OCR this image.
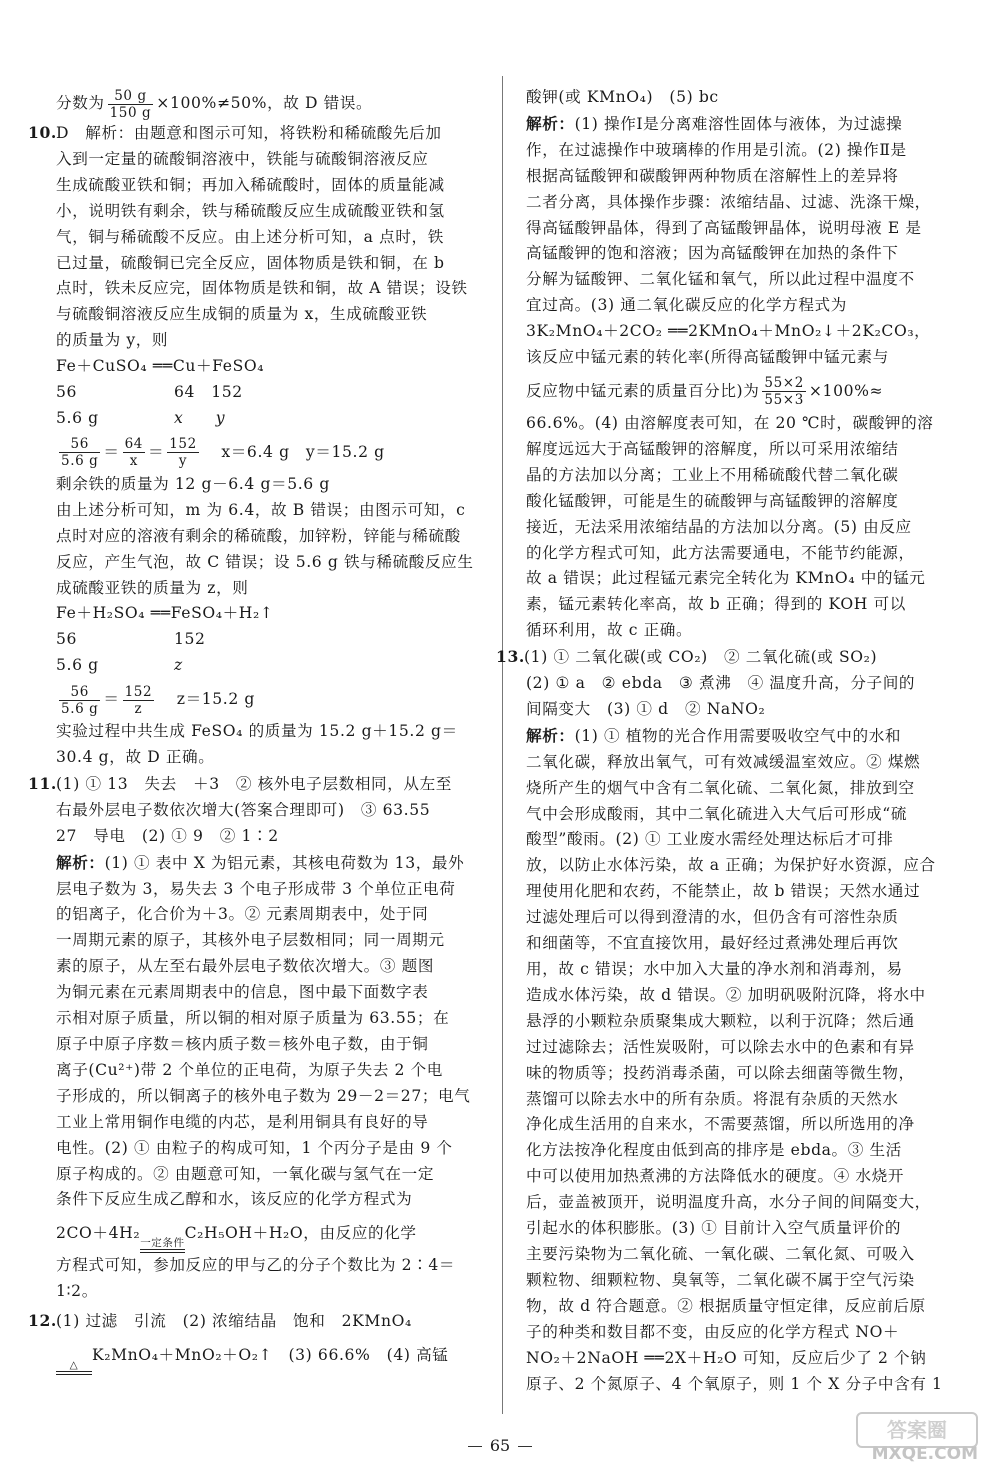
分数为 $\frac{50 g}{150 g} \times 100\%\ne 50\%$，故 D 错误。
10.D　解析：由题意和图示可知，将铁粉和稀硫酸先后加
入到一定量的硫酸铜溶液中，铁能与硫酸铜溶液反应
生成硫酸亚铁和铜；再加入稀硫酸时，固体的质量能减
小，说明铁有剩余，铁与稀硫酸反应生成硫酸亚铁和氢
气，铜与稀硫酸不反应。由上述分析可知，a 点时，铁
已过量，硫酸铜已完全反应，固体物质是铁和铜，在 b
点时，铁未反应完，固体物质是铁和铜，故 A 错误；设铁
与硫酸铜溶液反应生成铜的质量为 x，生成硫酸亚铁
的质量为 y，则
Fe＋CuSO₄ ══Cu＋FeSO₄
56	64　152
5.6 g	x　　y
$\frac{56}{5.6 g} = \frac{64}{x} = \frac{152}{y} x=6.4$ g　y＝15.2 g
剩余铁的质量为 12 g－6.4 g＝5.6 g
由上述分析可知，m 为 6.4，故 B 错误；由图示可知，c
点时对应的溶液有剩余的稀硫酸，加锌粉，锌能与稀硫酸
反应，产生气泡，故 C 错误；设 5.6 g 铁与稀硫酸反应生
成硫酸亚铁的质量为 z，则
Fe＋H₂SO₄ ══FeSO₄＋H₂↑
56	152
5.6 g	z
$\frac{56}{5.6 g} = \frac{152}{z} z=15.2$ g
实验过程中共生成 FeSO₄ 的质量为 15.2 g＋15.2 g＝
30.4 g，故 D 正确。
11.(1) ① 13　失去　＋3　② 核外电子层数相同，从左至
右最外层电子数依次增大(答案合理即可)　③ 63.55
27　导电　(2) ① 9　② 1∶2
解析：(1) ① 表中 X 为铝元素，其核电荷数为 13，最外
层电子数为 3，易失去 3 个电子形成带 3 个单位正电荷
的铝离子，化合价为＋3。② 元素周期表中，处于同
一周期元素的原子，其核外电子层数相同；同一周期元
素的原子，从左至右最外层电子数依次增大。③ 题图
为铜元素在元素周期表中的信息，图中最下面数字表
示相对原子质量，所以铜的相对原子质量为 63.55；在
原子中原子序数＝核内质子数＝核外电子数，由于铜
离子(Cu²⁺)带 2 个单位的正电荷，为原子失去 2 个电
子形成的，所以铜离子的核外电子数为 29－2＝27；电气
工业上常用铜作电缆的内芯，是利用铜具有良好的导
电性。(2) ① 由粒子的构成可知，1 个丙分子是由 9 个
原子构成的。② 由题意可知，一氧化碳与氢气在一定
条件下反应生成乙醇和水，该反应的化学方程式为
2CO＋4H₂
一定条件
C₂H₅OH＋H₂O，由反应的化学
方程式可知，参加反应的甲与乙的分子个数比为 2∶4＝
1∶2。
12.(1) 过滤　引流　(2) 浓缩结晶　饱和　2KMnO₄
△
K₂MnO₄＋MnO₂＋O₂↑　(3) 66.6%　(4) 高锰
酸钾(或 KMnO₄)　(5) bc
解析：(1) 操作Ⅰ是分离难溶性固体与液体，为过滤操
作，在过滤操作中玻璃棒的作用是引流。(2) 操作Ⅱ是
根据高锰酸钾和碳酸钾两种物质在溶解性上的差异将
二者分离，具体操作步骤：浓缩结晶、过滤、洗涤干燥，
得高锰酸钾晶体，得到了高锰酸钾晶体，说明母液 E 是
高锰酸钾的饱和溶液；因为高锰酸钾在加热的条件下
分解为锰酸钾、二氧化锰和氧气，所以此过程中温度不
宜过高。(3) 通二氧化碳反应的化学方程式为
3K₂MnO₄＋2CO₂ ══2KMnO₄＋MnO₂↓＋2K₂CO₃，
该反应中锰元素的转化率(所得高锰酸钾中锰元素与
反应物中锰元素的质量百分比)为 $\frac{55\times 2}{55\times 3} \times 100\%\approx$
66.6%。(4) 由溶解度表可知，在 20 ℃时，碳酸钾的溶
解度远远大于高锰酸钾的溶解度，所以可采用浓缩结
晶的方法加以分离；工业上不用稀硫酸代替二氧化碳
酸化锰酸钾，可能是生的硫酸钾与高锰酸钾的溶解度
接近，无法采用浓缩结晶的方法加以分离。(5) 由反应
的化学方程式可知，此方法需要通电，不能节约能源，
故 a 错误；此过程锰元素完全转化为 KMnO₄ 中的锰元
素，锰元素转化率高，故 b 正确；得到的 KOH 可以
循环利用，故 c 正确。
13.(1) ① 二氧化碳(或 CO₂)　② 二氧化硫(或 SO₂)
(2) ① a　② ebda　③ 煮沸　④ 温度升高，分子间的
间隔变大　(3) ① d　② NaNO₂
解析：(1) ① 植物的光合作用需要吸收空气中的水和
二氧化碳，释放出氧气，可有效减缓温室效应。② 煤燃
烧所产生的烟气中含有二氧化硫、二氧化氮，排放到空
气中会形成酸雨，其中二氧化硫进入大气后可形成“硫
酸型”酸雨。(2) ① 工业废水需经处理达标后才可排
放，以防止水体污染，故 a 正确；为保护好水资源，应合
理使用化肥和农药，不能禁止，故 b 错误；天然水通过
过滤处理后可以得到澄清的水，但仍含有可溶性杂质
和细菌等，不宜直接饮用，最好经过煮沸处理后再饮
用，故 c 错误；水中加入大量的净水剂和消毒剂，易
造成水体污染，故 d 错误。② 加明矾吸附沉降，将水中
悬浮的小颗粒杂质聚集成大颗粒，以利于沉降；然后通
过过滤除去；活性炭吸附，可以除去水中的色素和有异
味的物质等；投药消毒杀菌，可以除去细菌等微生物，
蒸馏可以除去水中的所有杂质。将混有杂质的天然水
净化成生活用的自来水，不需要蒸馏，所以所选用的净
化方法按净化程度由低到高的排序是 ebda。③ 生活
中可以使用加热煮沸的方法降低水的硬度。④ 水烧开
后，壶盖被顶开，说明温度升高，水分子间的间隔变大，
引起水的体积膨胀。(3) ① 目前计入空气质量评价的
主要污染物为二氧化硫、一氧化碳、二氧化氮、可吸入
颗粒物、细颗粒物、臭氧等，二氧化碳不属于空气污染
物，故 d 符合题意。② 根据质量守恒定律，反应前后原
子的种类和数目都不变，由反应的化学方程式 NO＋
NO₂＋2NaOH ══2X＋H₂O 可知，反应后少了 2 个钠
原子、2 个氮原子、4 个氧原子，则 1 个 X 分子中含有 1
65
答案圈
MXQE.COM
